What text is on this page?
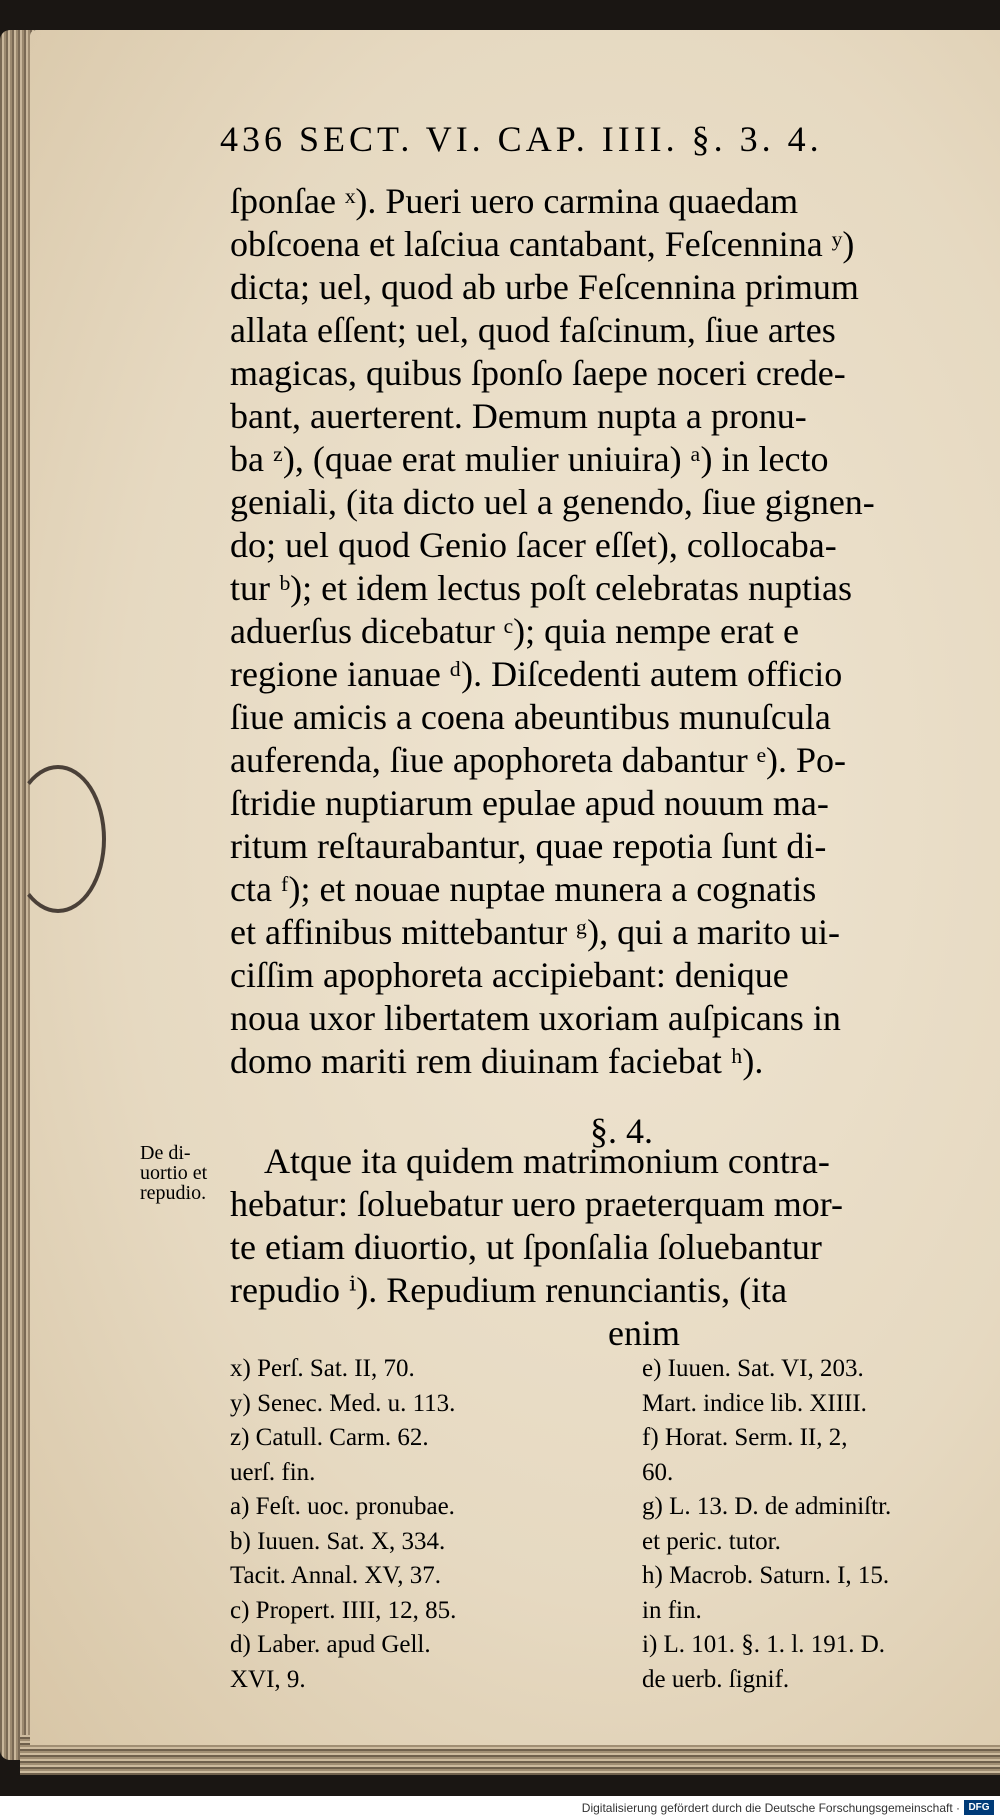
436 SECT. VI. CAP. IIII. §. 3. 4.
ſponſae ˣ). Pueri uero carmina quaedam
obſcoena et laſciua cantabant, Feſcennina ʸ)
dicta; uel, quod ab urbe Feſcennina primum
allata eſſent; uel, quod faſcinum, ſiue artes
magicas, quibus ſponſo ſaepe noceri crede-
bant, auerterent. Demum nupta a pronu-
ba ᶻ), (quae erat mulier uniuira) ᵃ) in lecto
geniali, (ita dicto uel a genendo, ſiue gignen-
do; uel quod Genio ſacer eſſet), collocaba-
tur ᵇ); et idem lectus poſt celebratas nuptias
aduerſus dicebatur ᶜ); quia nempe erat e
regione ianuae ᵈ). Diſcedenti autem officio
ſiue amicis a coena abeuntibus munuſcula
auferenda, ſiue apophoreta dabantur ᵉ). Po-
ſtridie nuptiarum epulae apud nouum ma-
ritum reſtaurabantur, quae repotia ſunt di-
cta ᶠ); et nouae nuptae munera a cognatis
et affinibus mittebantur ᵍ), qui a marito ui-
ciſſim apophoreta accipiebant: denique
noua uxor libertatem uxoriam auſpicans in
domo mariti rem diuinam faciebat ʰ).
§. 4.
De di-
uortio et
repudio.
Atque ita quidem matrimonium contra-
hebatur: ſoluebatur uero praeterquam mor-
te etiam diuortio, ut ſponſalia ſoluebantur
repudio ⁱ). Repudium renunciantis, (ita
enim
x) Perſ. Sat. II, 70.
y) Senec. Med. u. 113.
z) Catull. Carm. 62.
uerſ. fin.
a) Feſt. uoc. pronubae.
b) Iuuen. Sat. X, 334.
Tacit. Annal. XV, 37.
c) Propert. IIII, 12, 85.
d) Laber. apud Gell.
XVI, 9.
e) Iuuen. Sat. VI, 203.
Mart. indice lib. XIIII.
f) Horat. Serm. II, 2,
60.
g) L. 13. D. de adminiſtr.
et peric. tutor.
h) Macrob. Saturn. I, 15.
in fin.
i) L. 101. §. 1. l. 191. D.
de uerb. ſignif.
Digitalisierung gefördert durch die Deutsche Forschungsgemeinschaft · DFG
